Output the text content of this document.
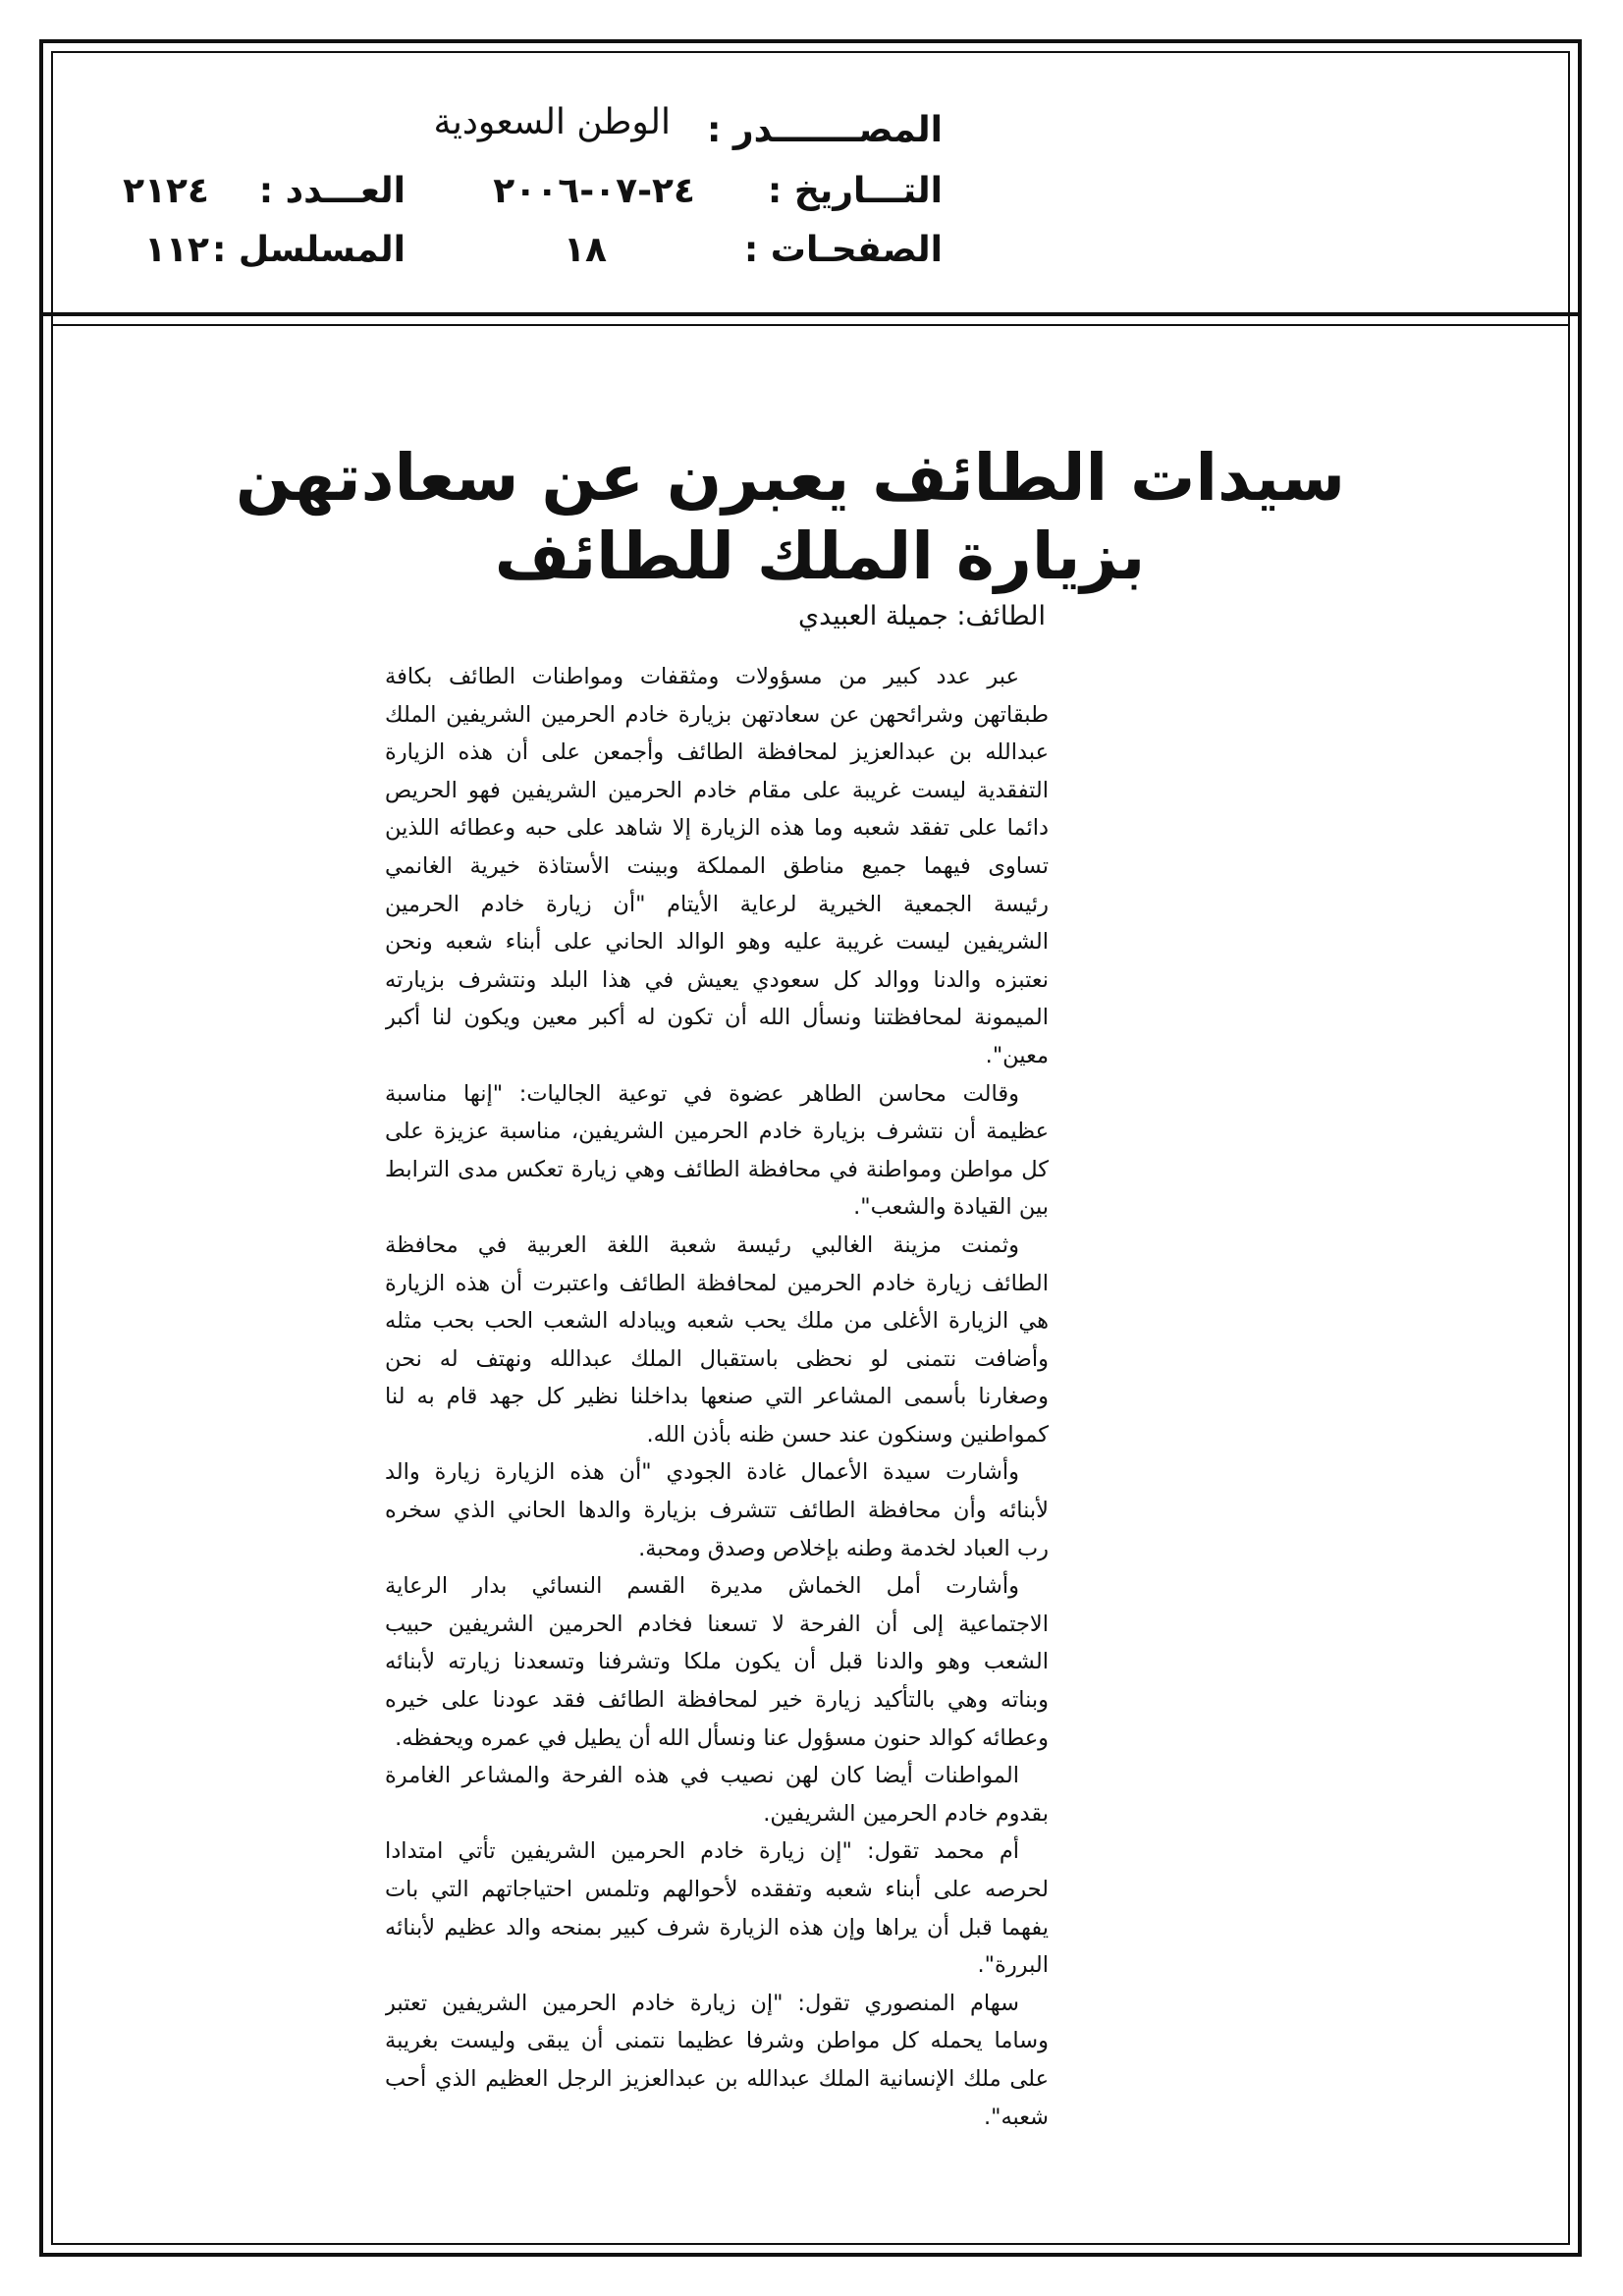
المصـــــــدر :
الوطن السعودية
التـــاريخ :
٢٤-٠٧-٢٠٠٦
العـــدد :
٢١٢٤
الصفحـات :
١٨
المسلسل :
١١٢
سيدات الطائف يعبرن عن سعادتهن
بزيارة الملك للطائف
الطائف: جميلة العبيدي
عبر عدد كبير من مسؤولات ومثقفات ومواطنات الطائف بكافة
طبقاتهن وشرائحهن عن سعادتهن بزيارة خادم الحرمين الشريفين الملك
عبدالله بن عبدالعزيز لمحافظة الطائف وأجمعن على أن هذه الزيارة
التفقدية ليست غريبة على مقام خادم الحرمين الشريفين فهو الحريص
دائما على تفقد شعبه وما هذه الزيارة إلا شاهد على حبه وعطائه اللذين
تساوى فيهما جميع مناطق المملكة وبينت الأستاذة خيرية الغانمي
رئيسة الجمعية الخيرية لرعاية الأيتام "أن زيارة خادم الحرمين
الشريفين ليست غريبة عليه وهو الوالد الحاني على أبناء شعبه ونحن
نعتبزه والدنا ووالد كل سعودي يعيش في هذا البلد ونتشرف بزيارته
الميمونة لمحافظتنا ونسأل الله أن تكون له أكبر معين ويكون لنا أكبر
معين".
وقالت محاسن الطاهر عضوة في توعية الجاليات: "إنها مناسبة
عظيمة أن نتشرف بزيارة خادم الحرمين الشريفين، مناسبة عزيزة على
كل مواطن ومواطنة في محافظة الطائف وهي زيارة تعكس مدى الترابط
بين القيادة والشعب".
وثمنت مزينة الغالبي رئيسة شعبة اللغة العربية في محافظة
الطائف زيارة خادم الحرمين لمحافظة الطائف واعتبرت أن هذه الزيارة
هي الزيارة الأغلى من ملك يحب شعبه ويبادله الشعب الحب بحب مثله
وأضافت نتمنى لو نحظى باستقبال الملك عبدالله ونهتف له نحن
وصغارنا بأسمى المشاعر التي صنعها بداخلنا نظير كل جهد قام به لنا
كمواطنين وسنكون عند حسن ظنه بأذن الله.
وأشارت سيدة الأعمال غادة الجودي "أن هذه الزيارة زيارة والد
لأبنائه وأن محافظة الطائف تتشرف بزيارة والدها الحاني الذي سخره
رب العباد لخدمة وطنه بإخلاص وصدق ومحبة.
وأشارت أمل الخماش مديرة القسم النسائي بدار الرعاية
الاجتماعية إلى أن الفرحة لا تسعنا فخادم الحرمين الشريفين حبيب
الشعب وهو والدنا قبل أن يكون ملكا وتشرفنا وتسعدنا زيارته لأبنائه
وبناته وهي بالتأكيد زيارة خير لمحافظة الطائف فقد عودنا على خيره
وعطائه كوالد حنون مسؤول عنا ونسأل الله أن يطيل في عمره ويحفظه.
المواطنات أيضا كان لهن نصيب في هذه الفرحة والمشاعر الغامرة
بقدوم خادم الحرمين الشريفين.
أم محمد تقول: "إن زيارة خادم الحرمين الشريفين تأتي امتدادا
لحرصه على أبناء شعبه وتفقده لأحوالهم وتلمس احتياجاتهم التي بات
يفهما قبل أن يراها وإن هذه الزيارة شرف كبير بمنحه والد عظيم لأبنائه
البررة".
سهام المنصوري تقول: "إن زيارة خادم الحرمين الشريفين تعتبر
وساما يحمله كل مواطن وشرفا عظيما نتمنى أن يبقى وليست بغريبة
على ملك الإنسانية الملك عبدالله بن عبدالعزيز الرجل العظيم الذي أحب
شعبه".
